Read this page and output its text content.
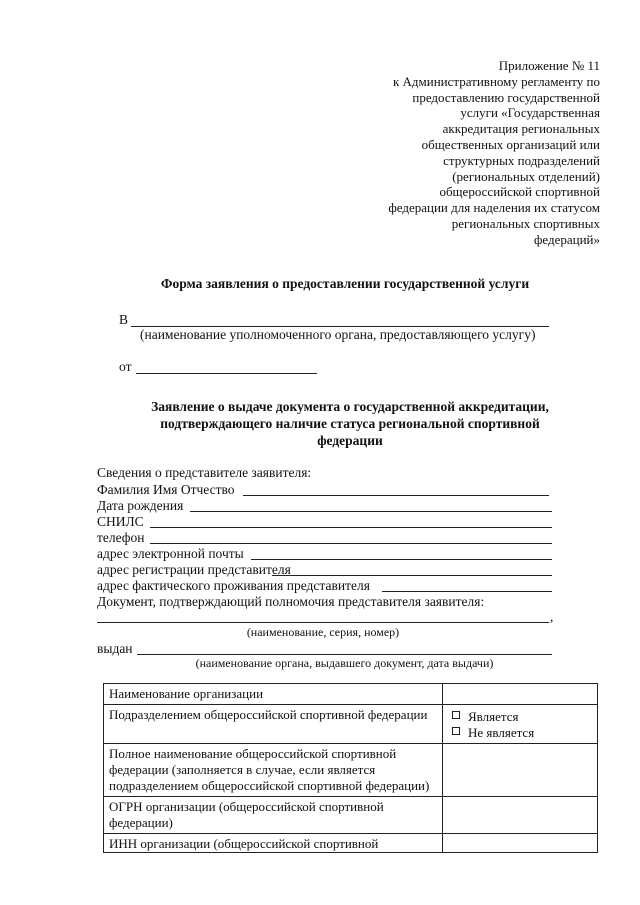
Приложение № 11
к Административному регламенту по
предоставлению государственной
услуги «Государственная
аккредитация региональных
общественных организаций или
структурных подразделений
(региональных отделений)
общероссийской спортивной
федерации для наделения их статусом
региональных спортивных
федераций»
Форма заявления о предоставлении государственной услуги
В
(наименование уполномоченного органа, предоставляющего услугу)
от
Заявление о выдаче документа о государственной аккредитации,
подтверждающего наличие статуса региональной спортивной
федерации
Сведения о представителе заявителя:
Фамилия Имя Отчество
Дата рождения
СНИЛС
телефон
адрес электронной почты
адрес регистрации представителя
адрес фактического проживания представителя
Документ, подтверждающий полномочия представителя заявителя:
,
(наименование, серия, номер)
выдан
(наименование органа, выдавшего документ, дата выдачи)
Наименование организации	
Подразделением общероссийской спортивной федерации	Является
Не является

Полное наименование общероссийской спортивной федерации (заполняется в случае, если является подразделением общероссийской спортивной федерации)	
ОГРН организации (общероссийской спортивной федерации)	
ИНН организации (общероссийской спортивной	
